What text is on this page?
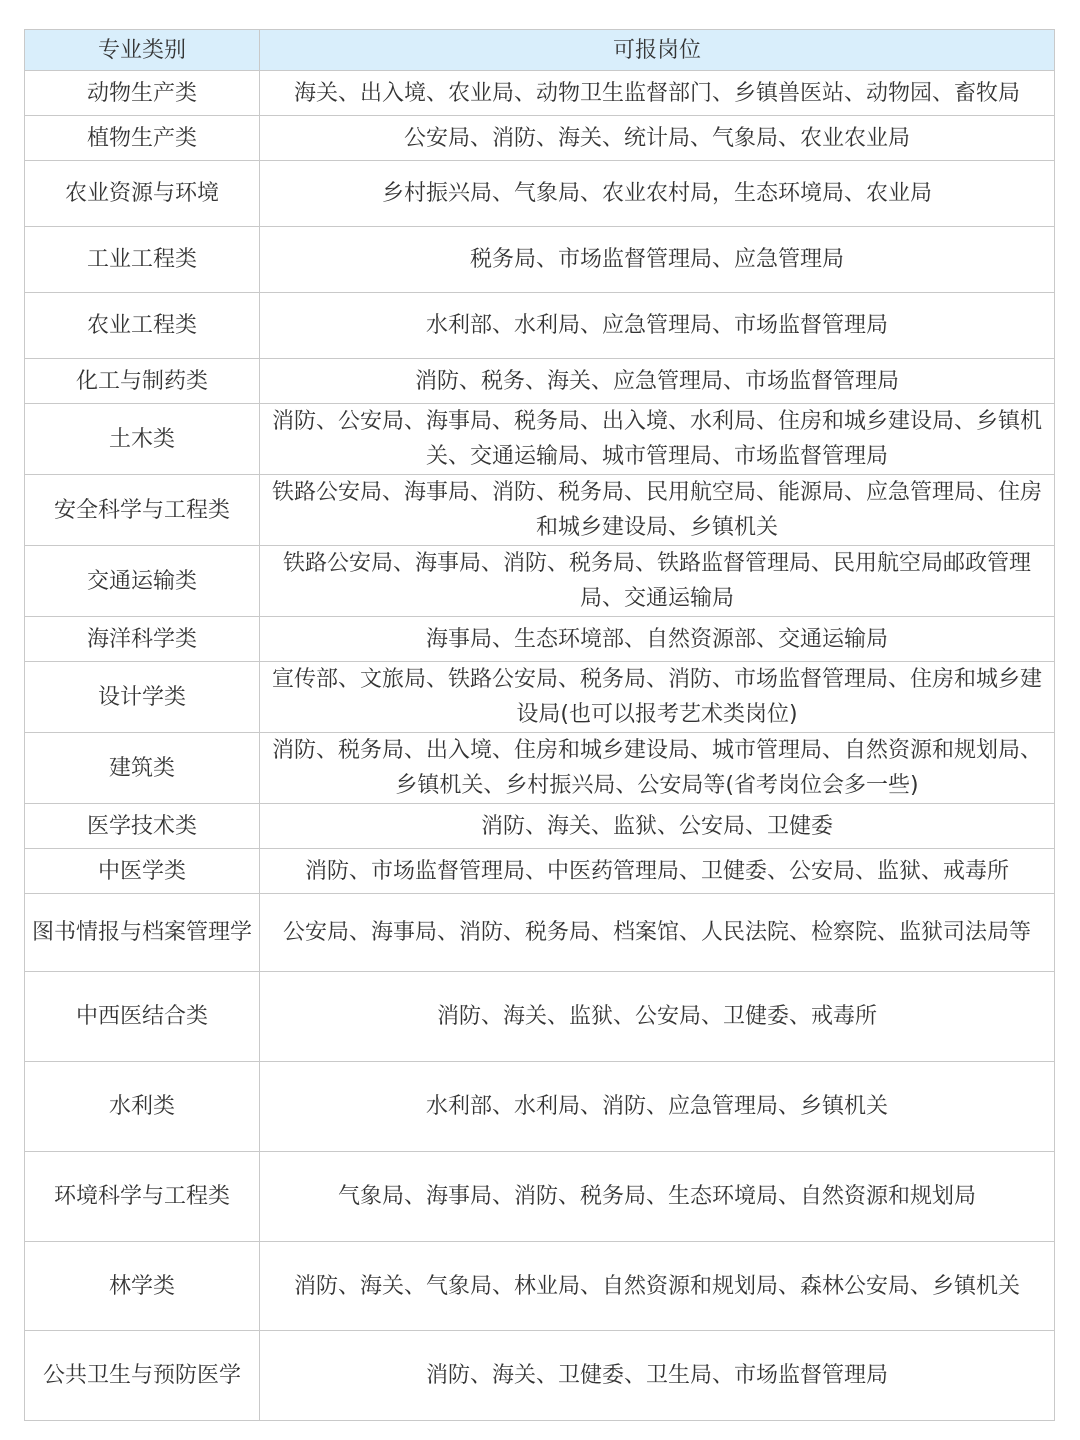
专业类别	可报岗位
动物生产类	海关、出入境、农业局、动物卫生监督部门、乡镇兽医站、动物园、畜牧局
植物生产类	公安局、消防、海关、统计局、气象局、农业农业局
农业资源与环境	乡村振兴局、气象局、农业农村局，生态环境局、农业局
工业工程类	税务局、市场监督管理局、应急管理局
农业工程类	水利部、水利局、应急管理局、市场监督管理局
化工与制药类	消防、税务、海关、应急管理局、市场监督管理局
土木类	消防、公安局、海事局、税务局、出入境、水利局、住房和城乡建设局、乡镇机关、交通运输局、城市管理局、市场监督管理局
安全科学与工程类	铁路公安局、海事局、消防、税务局、民用航空局、能源局、应急管理局、住房和城乡建设局、乡镇机关
交通运输类	铁路公安局、海事局、消防、税务局、铁路监督管理局、民用航空局邮政管理局、交通运输局
海洋科学类	海事局、生态环境部、自然资源部、交通运输局
设计学类	宣传部、文旅局、铁路公安局、税务局、消防、市场监督管理局、住房和城乡建设局(也可以报考艺术类岗位)
建筑类	消防、税务局、出入境、住房和城乡建设局、城市管理局、自然资源和规划局、乡镇机关、乡村振兴局、公安局等(省考岗位会多一些)
医学技术类	消防、海关、监狱、公安局、卫健委
中医学类	消防、市场监督管理局、中医药管理局、卫健委、公安局、监狱、戒毒所
图书情报与档案管理学	公安局、海事局、消防、税务局、档案馆、人民法院、检察院、监狱司法局等
中西医结合类	消防、海关、监狱、公安局、卫健委、戒毒所
水利类	水利部、水利局、消防、应急管理局、乡镇机关
环境科学与工程类	气象局、海事局、消防、税务局、生态环境局、自然资源和规划局
林学类	消防、海关、气象局、林业局、自然资源和规划局、森林公安局、乡镇机关
公共卫生与预防医学	消防、海关、卫健委、卫生局、市场监督管理局
